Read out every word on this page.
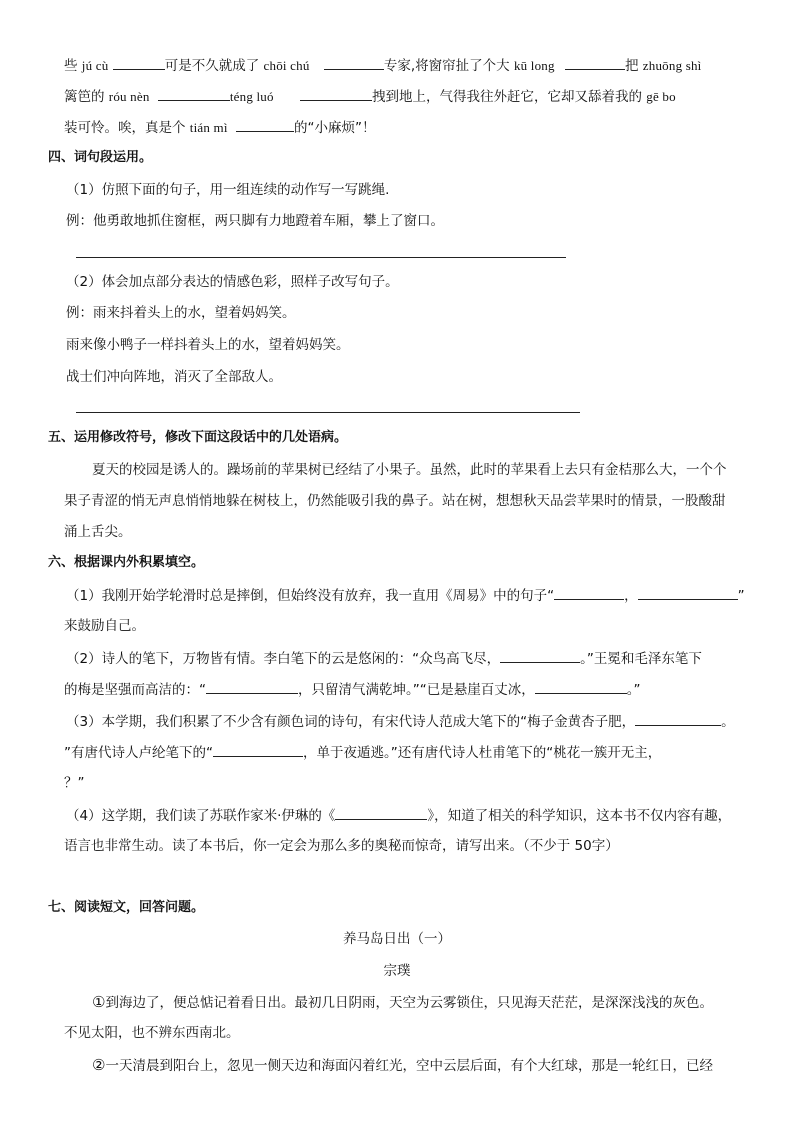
些 jú cù	可是不久就成了 chōi chú	专家,将窗帘扯了个大 kū long	把 zhuōng shì
篱笆的 róu nèn	téng luó	拽到地上，气得我往外赶它，它却又舔着我的 gē bo
装可怜。唉，真是个 tián mì	的“小麻烦”！
四、词句段运用。
（1）仿照下面的句子，用一组连续的动作写一写跳绳.
例：他勇敢地抓住窗框，两只脚有力地蹬着车厢，攀上了窗口。
（2）体会加点部分表达的情感色彩，照样子改写句子。
例：雨来抖着头上的水，望着妈妈笑。
雨来像小鸭子一样抖着头上的水，望着妈妈笑。
战士们冲向阵地，消灭了全部敌人。
五、运用修改符号，修改下面这段话中的几处语病。
夏天的校园是诱人的。躁场前的苹果树已经结了小果子。虽然，此时的苹果看上去只有金桔那么大，一个个
果子青涩的悄无声息悄悄地躲在树枝上，仍然能吸引我的鼻子。站在树，想想秋天品尝苹果时的情景，一股酸甜
涌上舌尖。
六、根据课内外积累填空。
（1）我刚开始学轮滑时总是摔倒，但始终没有放弃，我一直用《周易》中的句子“	，	”
来鼓励自己。
（2）诗人的笔下，万物皆有情。李白笔下的云是悠闲的：“众鸟高飞尽，	。”王冕和毛泽东笔下
的梅是坚强而高洁的：“	，只留清气满乾坤。”“已是悬崖百丈冰，	。”
（3）本学期，我们积累了不少含有颜色词的诗句，有宋代诗人范成大笔下的“梅子金黄杏子肥，	。
”有唐代诗人卢纶笔下的“	，单于夜遁逃。”还有唐代诗人杜甫笔下的“桃花一簇开无主，
？”
（4）这学期，我们读了苏联作家米·伊琳的《	》，知道了相关的科学知识，这本书不仅内容有趣，
语言也非常生动。读了本书后，你一定会为那么多的奥秘而惊奇，请写出来。（不少于 50字）
七、阅读短文，回答问题。
养马岛日出（一）
宗璞
①到海边了，便总惦记着看日出。最初几日阴雨，天空为云雾锁住，只见海天茫茫，是深深浅浅的灰色。
不见太阳，也不辨东西南北。
②一天清晨到阳台上，忽见一侧天边和海面闪着红光，空中云层后面，有个大红球，那是一轮红日，已经
